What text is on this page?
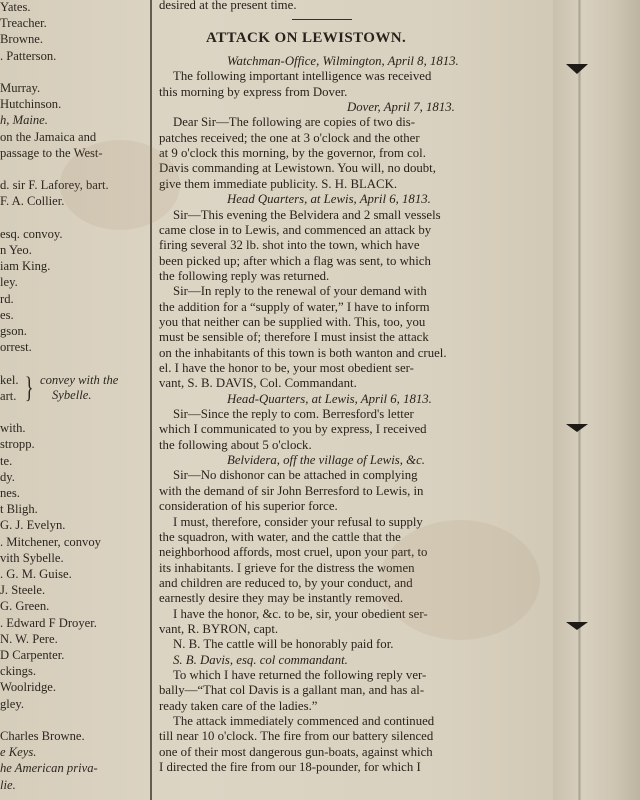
} convey with the
Sybelle.
Yates.
Treacher.
Browne.
. Patterson.
Murray.
Hutchinson.
h, Maine.
on the Jamaica and
passage to the West-
d. sir F. Laforey, bart.
F. A. Collier.
esq. convoy.
n Yeo.
iam King.
ley.
rd.
es.
gson.
orrest.
kel.
art.
with.
stropp.
te.
dy.
nes.
t Bligh.
G. J. Evelyn.
. Mitchener, convoy
vith Sybelle.
. G. M. Guise.
J. Steele.
G. Green.
. Edward F Droyer.
N. W. Pere.
D Carpenter.
ckings.
Woolridge.
gley.
Charles Browne.
e Keys.
he American priva-
lie.
desired at the present time.
ATTACK ON LEWISTOWN.
Watchman-Office, Wilmington, April 8, 1813.
The following important intelligence was received
this morning by express from Dover.
Dover, April 7, 1813.
Dear Sir—The following are copies of two dis-
patches received; the one at 3 o'clock and the other
at 9 o'clock this morning, by the governor, from col.
Davis commanding at Lewistown. You will, no doubt,
give them immediate publicity. S. H. BLACK.
Head Quarters, at Lewis, April 6, 1813.
Sir—This evening the Belvidera and 2 small vessels
came close in to Lewis, and commenced an attack by
firing several 32 lb. shot into the town, which have
been picked up; after which a flag was sent, to which
the following reply was returned.
Sir—In reply to the renewal of your demand with
the addition for a “supply of water,” I have to inform
you that neither can be supplied with. This, too, you
must be sensible of; therefore I must insist the attack
on the inhabitants of this town is both wanton and cruel.
el. I have the honor to be, your most obedient ser-
vant, S. B. DAVIS, Col. Commandant.
Head-Quarters, at Lewis, April 6, 1813.
Sir—Since the reply to com. Berresford's letter
which I communicated to you by express, I received
the following about 5 o'clock.
Belvidera, off the village of Lewis, &c.
Sir—No dishonor can be attached in complying
with the demand of sir John Berresford to Lewis, in
consideration of his superior force.
I must, therefore, consider your refusal to supply
the squadron, with water, and the cattle that the
neighborhood affords, most cruel, upon your part, to
its inhabitants. I grieve for the distress the women
and children are reduced to, by your conduct, and
earnestly desire they may be instantly removed.
I have the honor, &c. to be, sir, your obedient ser-
vant, R. BYRON, capt.
N. B. The cattle will be honorably paid for.
S. B. Davis, esq. col commandant.
To which I have returned the following reply ver-
bally—“That col Davis is a gallant man, and has al-
ready taken care of the ladies.”
The attack immediately commenced and continued
till near 10 o'clock. The fire from our battery silenced
one of their most dangerous gun-boats, against which
I directed the fire from our 18-pounder, for which I
